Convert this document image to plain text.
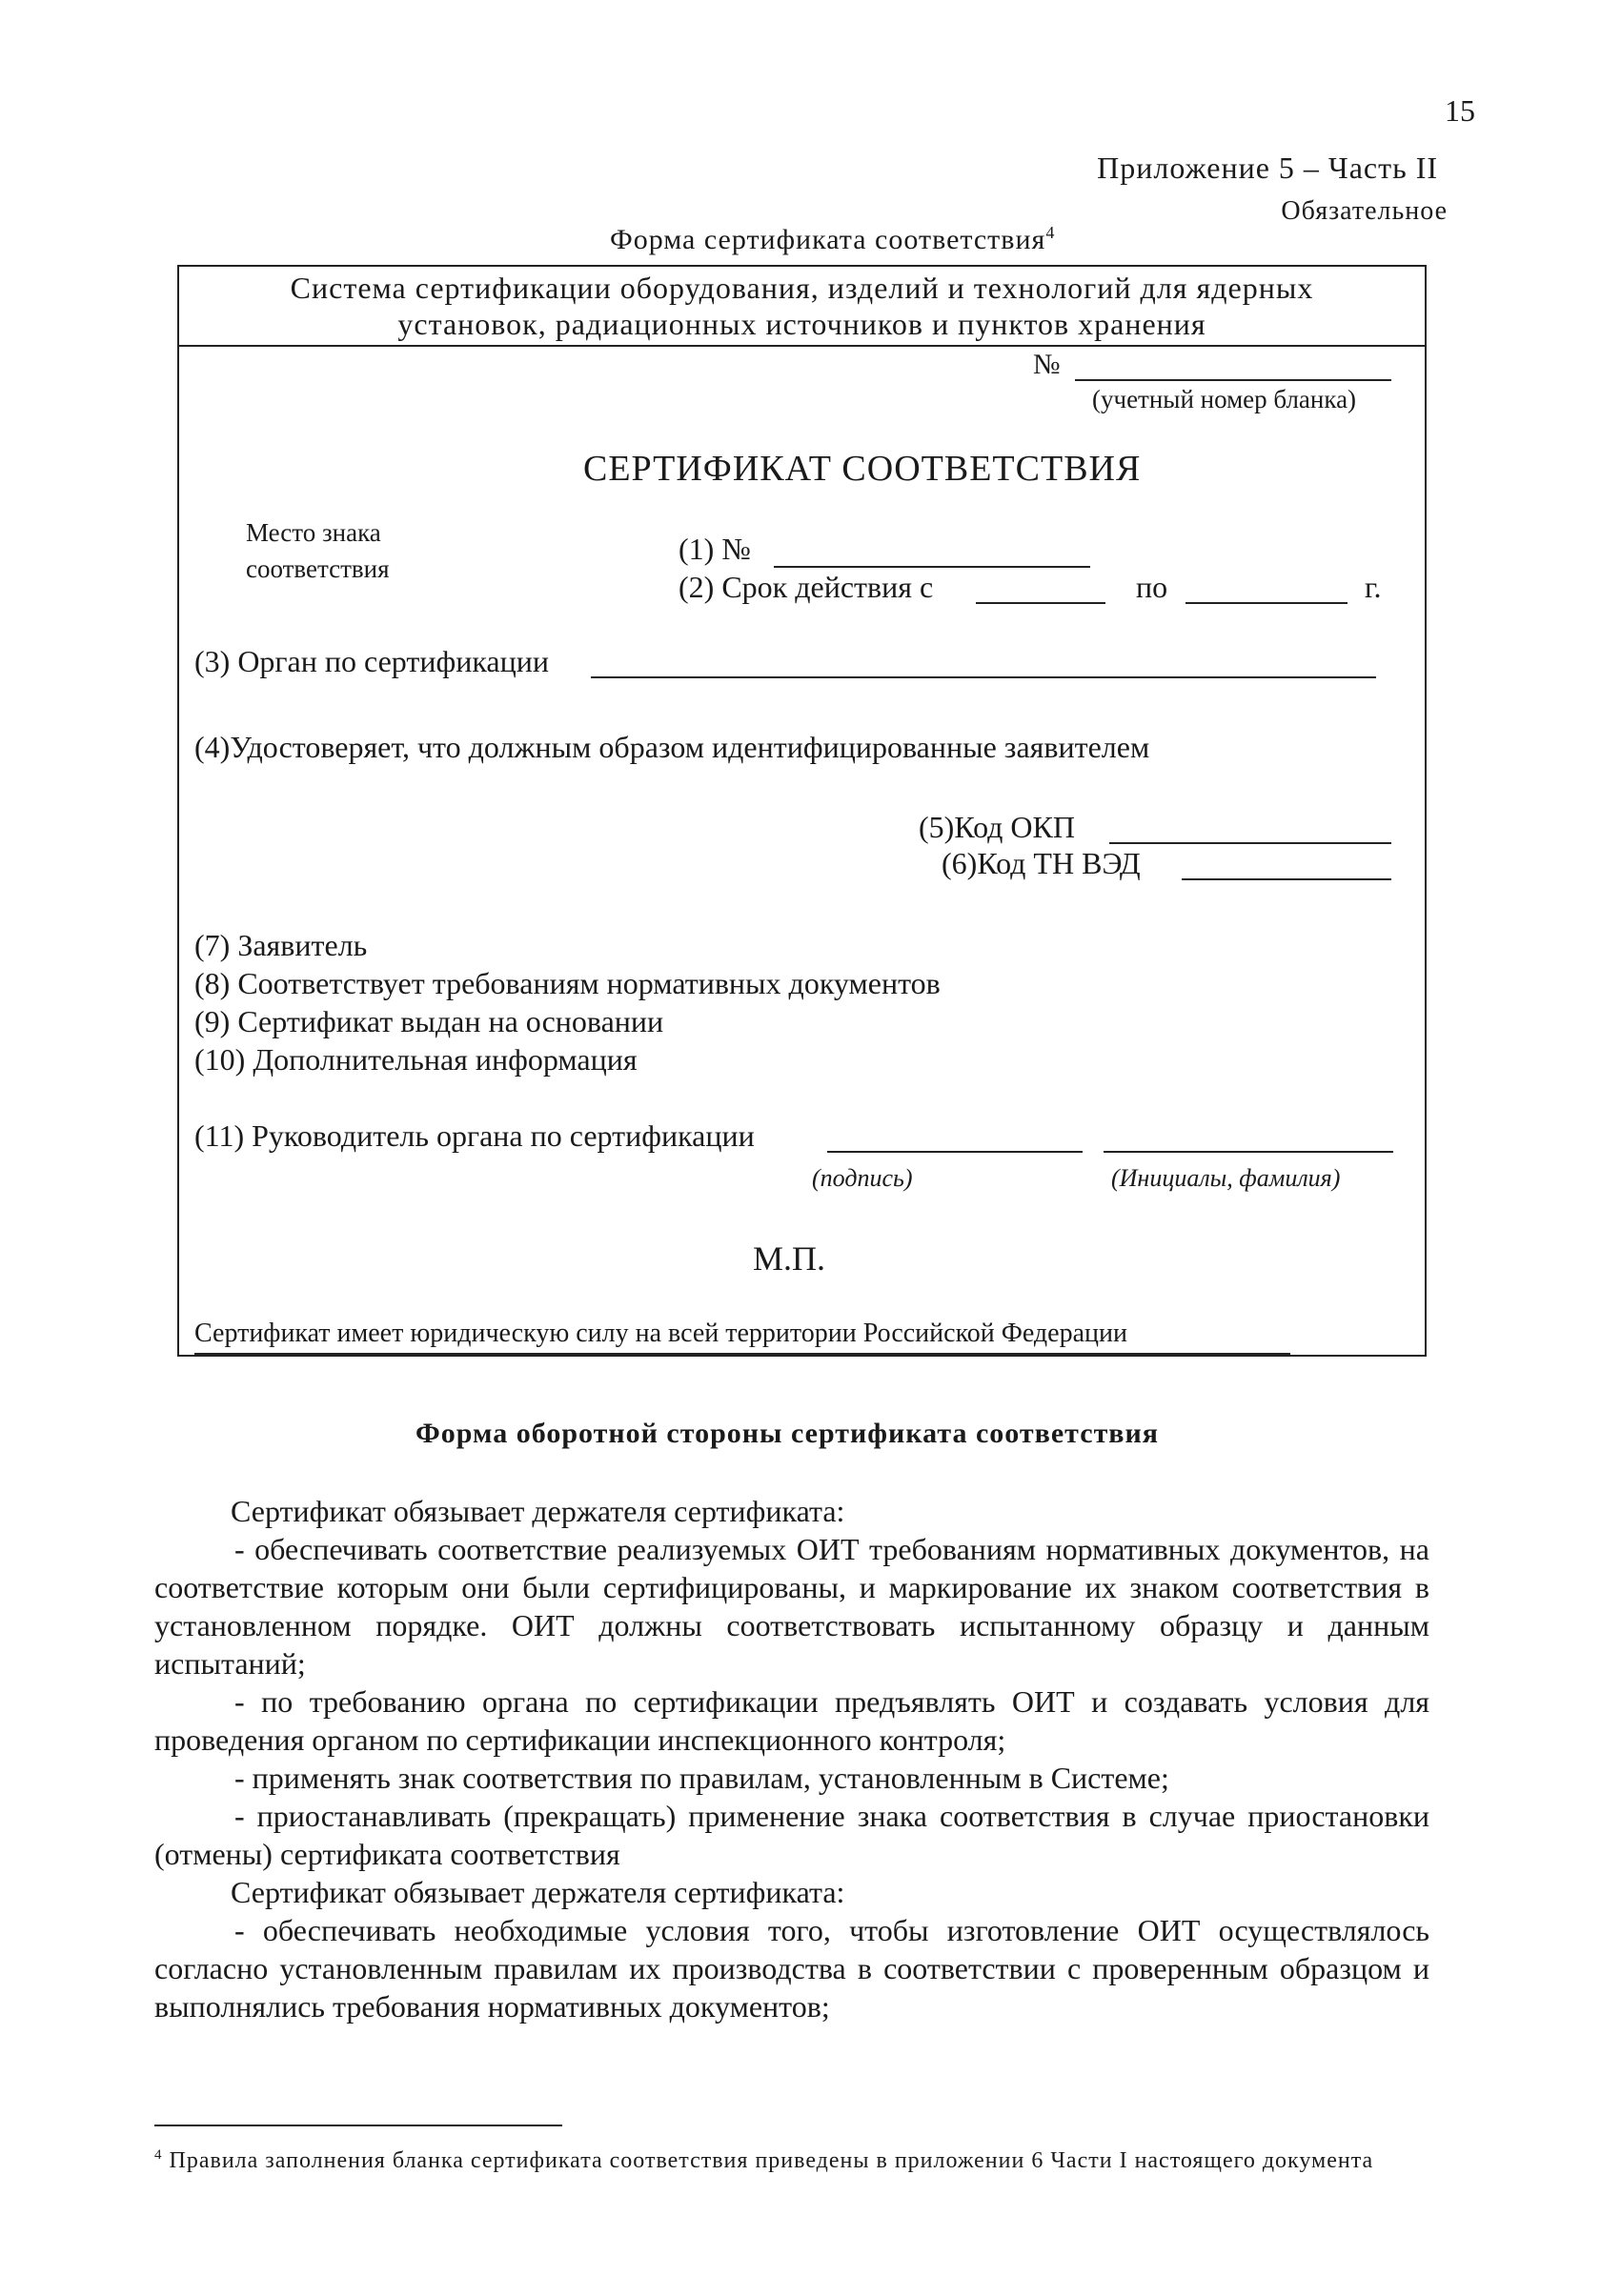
15
Приложение 5 – Часть II
Обязательное
Форма сертификата соответствия$^4$
Система сертификации оборудования, изделий и технологий для ядерных
установок, радиационных источников и пунктов хранения
№
(учетный номер бланка)
СЕРТИФИКАТ СООТВЕТСТВИЯ
Место знака
соответствия
(1) №
(2) Срок действия с	по	г.
(3) Орган по сертификации
(4)Удостоверяет, что должным образом идентифицированные заявителем
(5)Код ОКП
(6)Код ТН ВЭД
(7) Заявитель
(8) Соответствует требованиям нормативных документов
(9) Сертификат выдан на основании
(10) Дополнительная информация
(11) Руководитель органа по сертификации
(подпись)	(Инициалы, фамилия)
М.П.
Сертификат имеет юридическую силу на всей территории Российской Федерации
Форма оборотной стороны сертификата соответствия
Сертификат обязывает держателя сертификата:
- обеспечивать соответствие реализуемых ОИТ требованиям нормативных документов, на соответствие которым они были сертифицированы, и маркирование их знаком соответствия в установленном порядке. ОИТ должны соответствовать испытанному образцу и данным испытаний;
- по требованию органа по сертификации предъявлять ОИТ и создавать условия для проведения органом по сертификации инспекционного контроля;
- применять знак соответствия по правилам, установленным в Системе;
- приостанавливать (прекращать) применение знака соответствия в случае приостановки (отмены) сертификата соответствия
Сертификат обязывает держателя сертификата:
- обеспечивать необходимые условия того, чтобы изготовление ОИТ осуществлялось согласно установленным правилам их производства в соответствии с проверенным образцом и выполнялись требования нормативных документов;
$^4$ Правила заполнения бланка сертификата соответствия приведены в приложении 6 Части I настоящего документа
